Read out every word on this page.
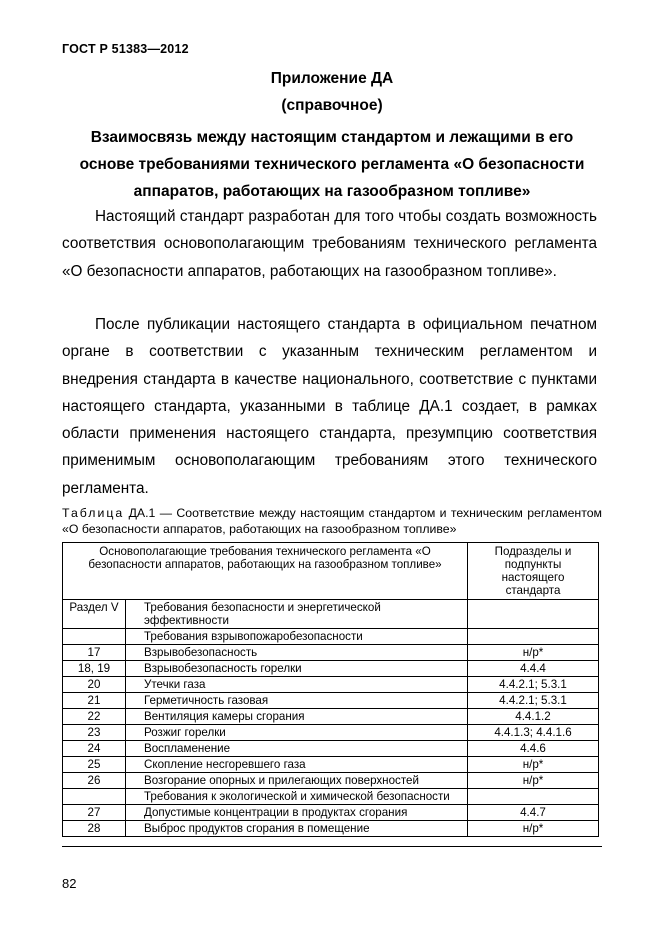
ГОСТ Р 51383—2012
Приложение ДА
(справочное)
Взаимосвязь между настоящим стандартом и лежащими в его основе требованиями технического регламента «О безопасности аппаратов, работающих на газообразном топливе»
Настоящий стандарт разработан для того чтобы создать возможность соответствия основополагающим требованиям технического регламента «О безопасности аппаратов, работающих на газообразном топливе».
После публикации настоящего стандарта в официальном печатном органе в соответствии с указанным техническим регламентом и внедрения стандарта в качестве национального, соответствие с пунктами настоящего стандарта, указанными в таблице ДА.1 создает, в рамках области применения настоящего стандарта, презумпцию соответствия применимым основополагающим требованиям этого технического регламента.
Таблица ДА.1 — Соответствие между настоящим стандартом и техническим регламентом «О безопасности аппаратов, работающих на газообразном топливе»
Основополагающие требования технического регламента «О безопасности аппаратов, работающих на газообразном топливе»		Подразделы и подпункты настоящего стандарта
Раздел V	Требования безопасности и энергетической эффективности	
	Требования взрывопожаробезопасности	
17	Взрывобезопасность	н/р*
18, 19	Взрывобезопасность горелки	4.4.4
20	Утечки газа	4.4.2.1; 5.3.1
21	Герметичность газовая	4.4.2.1; 5.3.1
22	Вентиляция камеры сгорания	4.4.1.2
23	Розжиг горелки	4.4.1.3; 4.4.1.6
24	Воспламенение	4.4.6
25	Скопление несгоревшего газа	н/р*
26	Возгорание опорных и прилегающих поверхностей	н/р*
	Требования к экологической и химической безопасности	
27	Допустимые концентрации в продуктах сгорания	4.4.7
28	Выброс продуктов сгорания в помещение	н/р*
82
